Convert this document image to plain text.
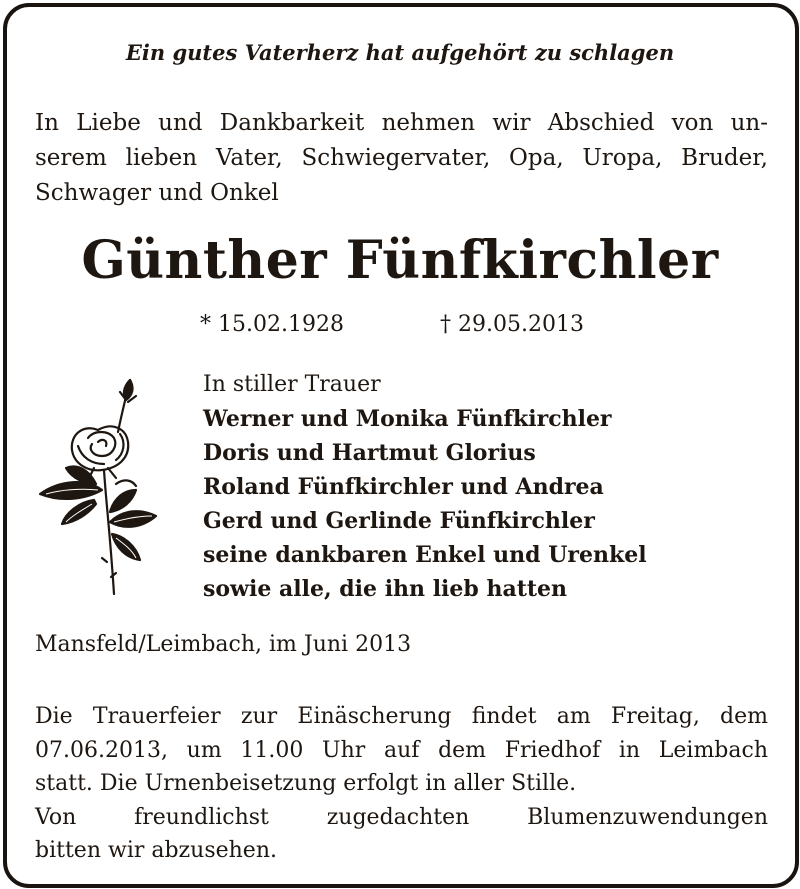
Ein gutes Vaterherz hat aufgehört zu schlagen
In Liebe und Dankbarkeit nehmen wir Abschied von un-
serem lieben Vater, Schwiegervater, Opa, Uropa, Bruder,
Schwager und Onkel
Günther Fünfkirchler
* 15.02.1928	† 29.05.2013
In stiller Trauer
Werner und Monika Fünfkirchler
Doris und Hartmut Glorius
Roland Fünfkirchler und Andrea
Gerd und Gerlinde Fünfkirchler
seine dankbaren Enkel und Urenkel
sowie alle, die ihn lieb hatten
Mansfeld/Leimbach, im Juni 2013
Die Trauerfeier zur Einäscherung findet am Freitag, dem
07.06.2013, um 11.00 Uhr auf dem Friedhof in Leimbach
statt. Die Urnenbeisetzung erfolgt in aller Stille.
Von freundlichst zugedachten Blumenzuwendungen
bitten wir abzusehen.
